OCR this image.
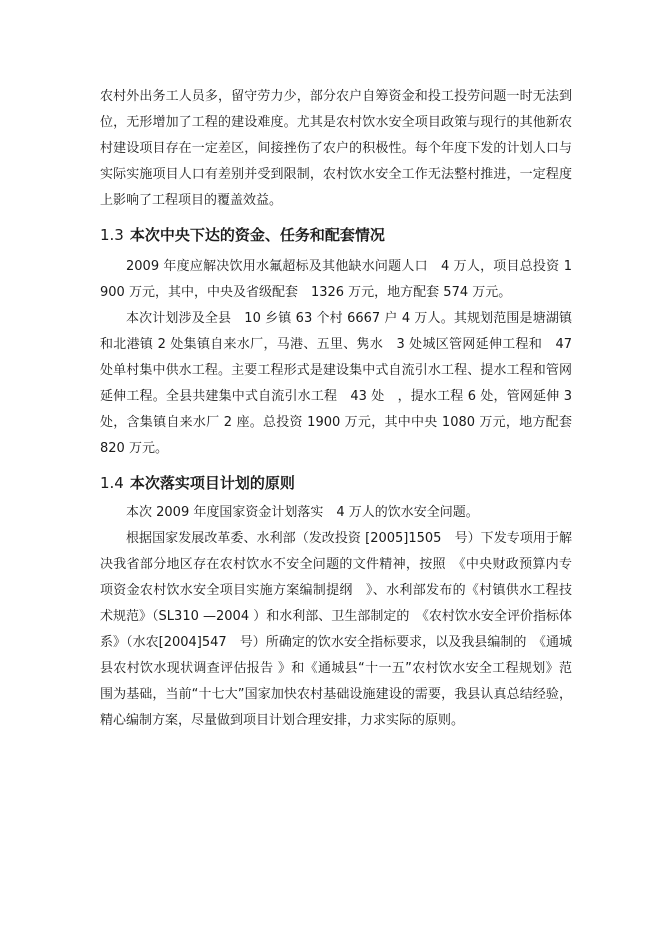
农村外出务工人员多，留守劳力少，部分农户自筹资金和投工投劳问题一时无法到位，无形增加了工程的建设难度。尤其是农村饮水安全项目政策与现行的其他新农村建设项目存在一定差区，间接挫伤了农户的积极性。每个年度下发的计划人口与实际实施项目人口有差别并受到限制，农村饮水安全工作无法整村推进，一定程度上影响了工程项目的覆盖效益。

1.3 本次中央下达的资金、任务和配套情况

2009 年度应解决饮用水氟超标及其他缺水问题人口　4 万人，项目总投资 1900 万元，其中，中央及省级配套　1326 万元，地方配套 574 万元。

本次计划涉及全县　10 乡镇 63 个村 6667 户 4 万人。其规划范围是塘湖镇和北港镇 2 处集镇自来水厂，马港、五里、隽水　3 处城区管网延伸工程和　47 处单村集中供水工程。主要工程形式是建设集中式自流引水工程、提水工程和管网延伸工程。全县共建集中式自流引水工程　43 处　，提水工程 6 处，管网延伸 3 处，含集镇自来水厂 2 座。总投资 1900 万元，其中中央 1080 万元，地方配套 820 万元。

1.4 本次落实项目计划的原则

本次 2009 年度国家资金计划落实　4 万人的饮水安全问题。

根据国家发展改革委、水利部（发改投资 [2005]1505　号）下发专项用于解决我省部分地区存在农村饮水不安全问题的文件精神，按照　《中央财政预算内专项资金农村饮水安全项目实施方案编制提纲　》、水利部发布的《村镇供水工程技术规范》（SL310 —2004 ）和水利部、卫生部制定的　《农村饮水安全评价指标体系》（水农[2004]547　号）所确定的饮水安全指标要求，以及我县编制的　《通城县农村饮水现状调查评估报告 》和《通城县“十一五”农村饮水安全工程规划》范围为基础，当前“十七大”国家加快农村基础设施建设的需要，我县认真总结经验，精心编制方案，尽量做到项目计划合理安排，力求实际的原则。
